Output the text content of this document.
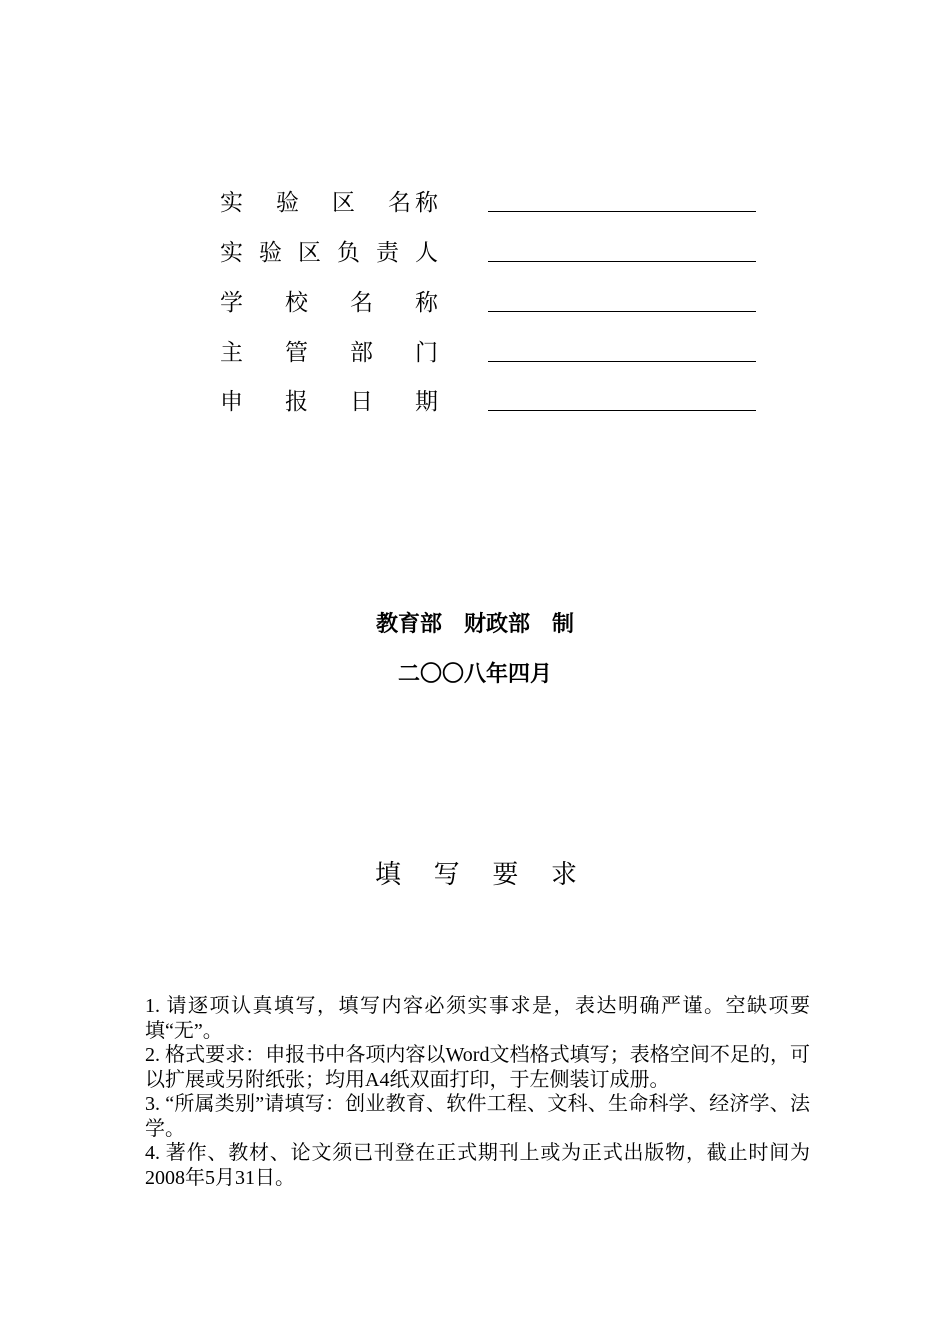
实 验 区 名 称
实 验 区 负 责 人
学 校 名 称
主 管 部 门
申 报 日 期
教育部　财政部　制
二〇〇八年四月
填 写 要 求

1. 请逐项认真填写，填写内容必须实事求是，表达明确严谨。空缺项要填“无”。

2. 格式要求：申报书中各项内容以Word文档格式填写；表格空间不足的，可以扩展或另附纸张；均用A4纸双面打印，于左侧装订成册。

3. “所属类别”请填写：创业教育、软件工程、文科、生命科学、经济学、法学。

4. 著作、教材、论文须已刊登在正式期刊上或为正式出版物，截止时间为2008年5月31日。
